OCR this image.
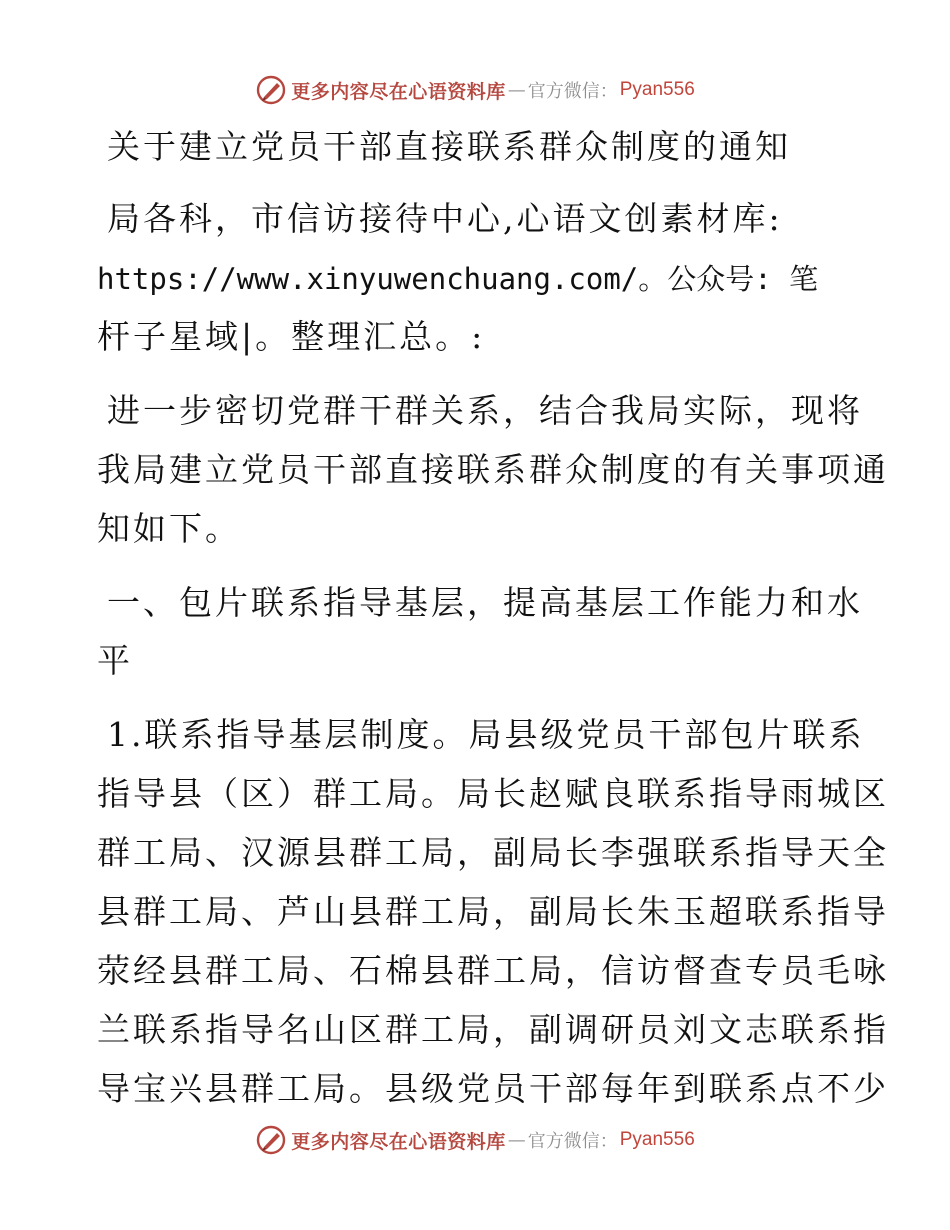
更多内容尽在心语资料库 — 官方微信： Pyan556
关于建立党员干部直接联系群众制度的通知
局各科，市信访接待中心,心语文创素材库:
https://www.xinyuwenchuang.com/。公众号: 笔
杆子星域|。整理汇总。:
进一步密切党群干群关系，结合我局实际，现将
我局建立党员干部直接联系群众制度的有关事项通
知如下。
一、包片联系指导基层，提高基层工作能力和水
平
1.联系指导基层制度。局县级党员干部包片联系
指导县（区）群工局。局长赵赋良联系指导雨城区
群工局、汉源县群工局，副局长李强联系指导天全
县群工局、芦山县群工局，副局长朱玉超联系指导
荥经县群工局、石棉县群工局，信访督查专员毛咏
兰联系指导名山区群工局，副调研员刘文志联系指
导宝兴县群工局。县级党员干部每年到联系点不少
更多内容尽在心语资料库 — 官方微信： Pyan556
